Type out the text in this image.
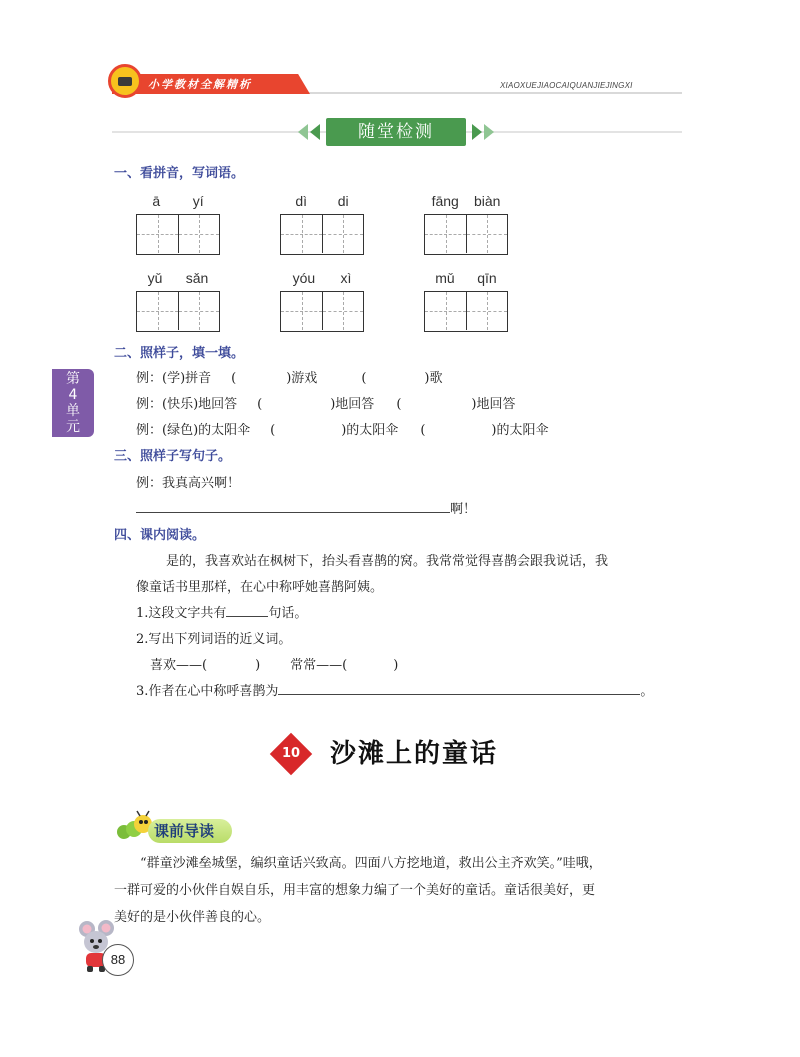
小学教材全解精析	XIAOXUEJIAOCAIQUANJIEJINGXI
随堂检测
第4单元
一、看拼音，写词语。
ā yí	dì di	fāng biàn
yǔ sǎn	yóu xì	mǔ qīn
二、照样子，填一填。
例：(学)拼音 (	)游戏	(	)歌
例：(快乐)地回答 (	)地回答 (	)地回答
例：(绿色)的太阳伞 (	)的太阳伞 (	)的太阳伞
三、照样子写句子。
例：我真高兴啊！
啊！
四、课内阅读。
是的，我喜欢站在枫树下，抬头看喜鹊的窝。我常常觉得喜鹊会跟我说话，我
像童话书里那样，在心中称呼她喜鹊阿姨。
1.这段文字共有	句话。
2.写出下列词语的近义词。
喜欢——(	) 常常——(	)
3.作者在心中称呼喜鹊为	。
10 沙滩上的童话
课前导读
“群童沙滩垒城堡，编织童话兴致高。四面八方挖地道，救出公主齐欢笑。”哇哦，
一群可爱的小伙伴自娱自乐，用丰富的想象力编了一个美好的童话。童话很美好，更
美好的是小伙伴善良的心。
88
